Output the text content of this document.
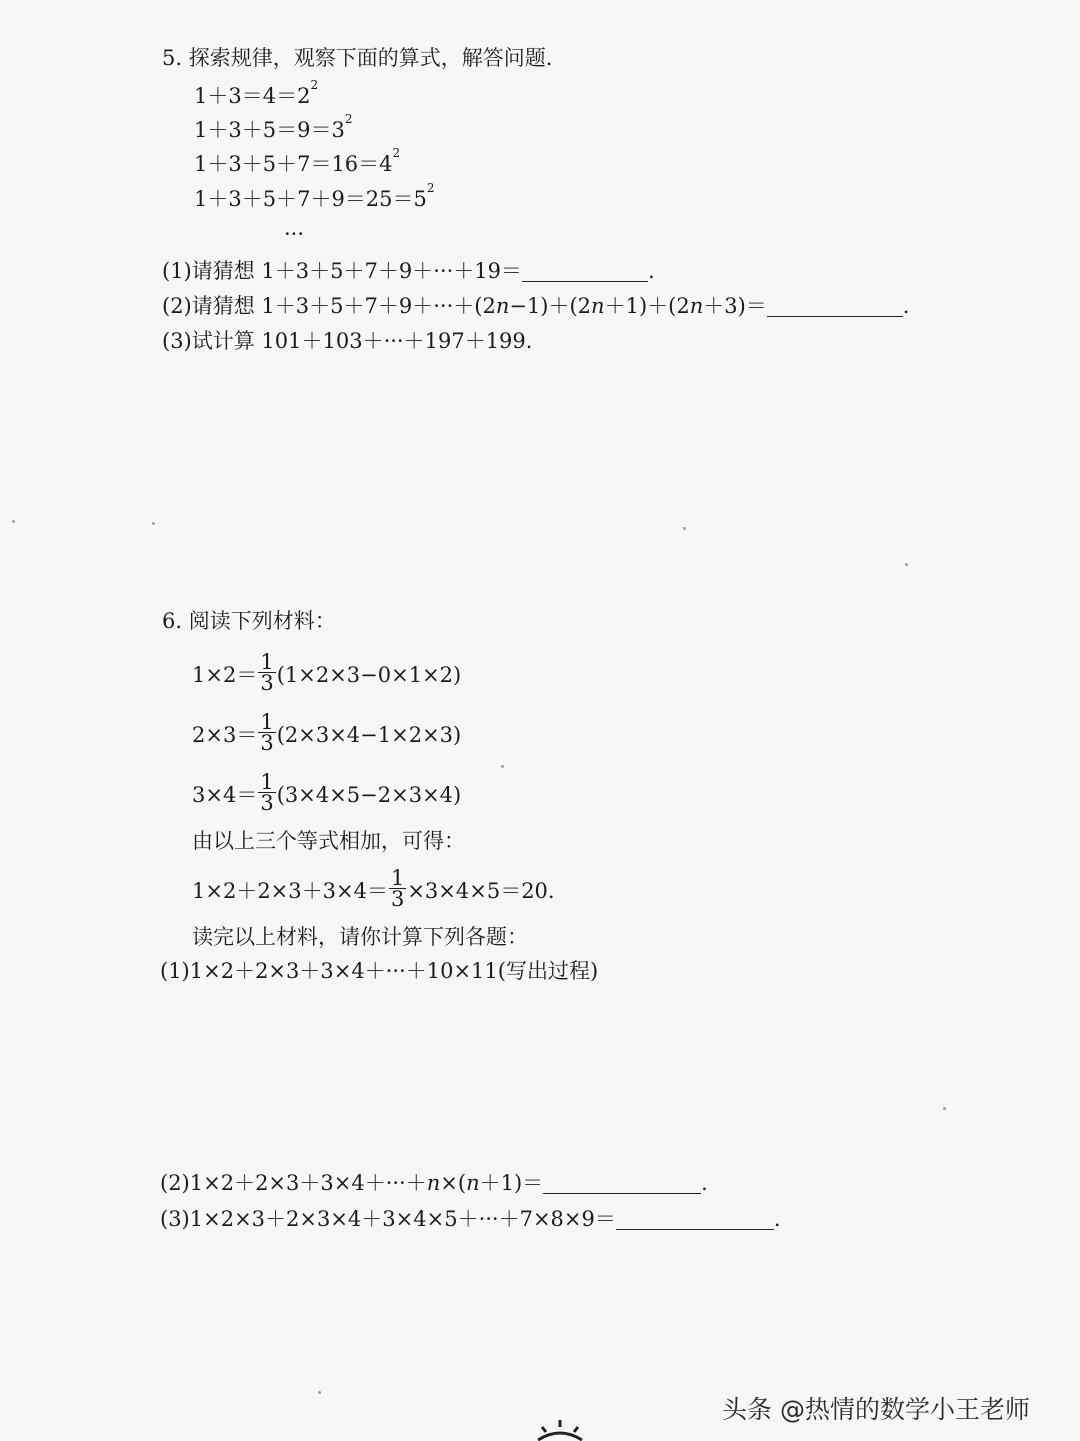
5. 探索规律，观察下面的算式，解答问题.
$1+3=4=2^2$
$1+3+5=9=3^2$
$1+3+5+7=16=4^2$
$1+3+5+7+9=25=5^2$
···
(1)请猜想 1＋3＋5＋7＋9＋···＋19＝	.
(2)请猜想 1＋3＋5＋7＋9＋···＋(2n−1)＋(2n＋1)＋(2n＋3)＝	.
(3)试计算 101＋103＋···＋197＋199.
6. 阅读下列材料：
$1\times 2= \frac{1}{3} (1\times 2\times 3-0\times 1\times 2)$
$2\times 3= \frac{1}{3} (2\times 3\times 4-1\times 2\times 3)$
$3\times 4= \frac{1}{3} (3\times 4\times 5-2\times 3\times 4)$
由以上三个等式相加，可得：
$1\times 2+2\times 3+3\times 4= \frac{1}{3} \times 3\times 4\times 5=20$.
读完以上材料，请你计算下列各题：
(1)1×2＋2×3＋3×4＋···＋10×11(写出过程)
(2)1×2＋2×3＋3×4＋···＋n×(n＋1)＝	.
(3)1×2×3＋2×3×4＋3×4×5＋···＋7×8×9＝	.
头条 @热情的数学小王老师
